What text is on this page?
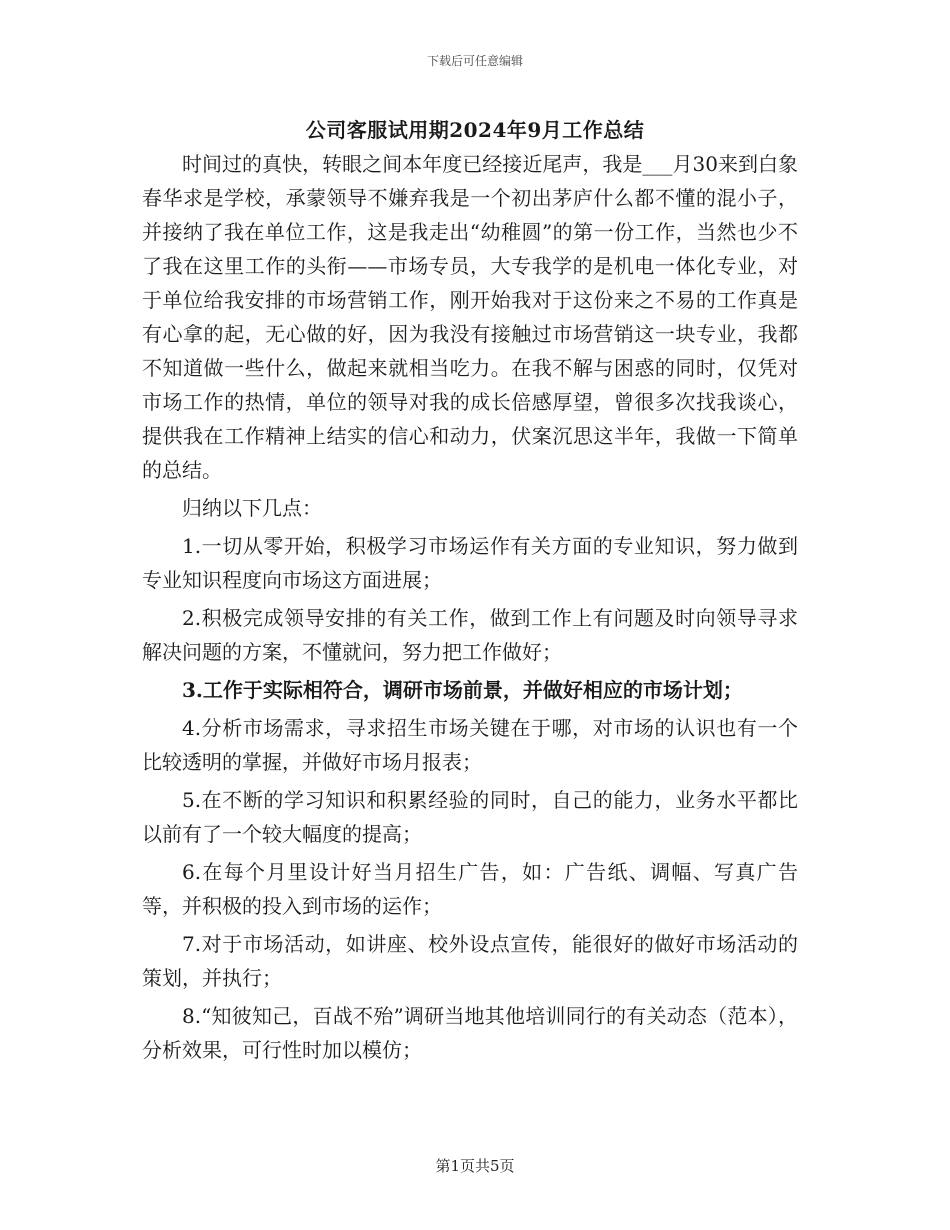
下载后可任意编辑
公司客服试用期2024年9月工作总结

时间过的真快，转眼之间本年度已经接近尾声，我是___月30来到白象春华求是学校，承蒙领导不嫌弃我是一个初出茅庐什么都不懂的混小子，并接纳了我在单位工作，这是我走出“幼稚圆”的第一份工作，当然也少不了我在这里工作的头衔——市场专员，大专我学的是机电一体化专业，对于单位给我安排的市场营销工作，刚开始我对于这份来之不易的工作真是有心拿的起，无心做的好，因为我没有接触过市场营销这一块专业，我都不知道做一些什么，做起来就相当吃力。在我不解与困惑的同时，仅凭对市场工作的热情，单位的领导对我的成长倍感厚望，曾很多次找我谈心，提供我在工作精神上结实的信心和动力，伏案沉思这半年，我做一下简单的总结。

归纳以下几点：

1.一切从零开始，积极学习市场运作有关方面的专业知识，努力做到专业知识程度向市场这方面进展；
2.积极完成领导安排的有关工作，做到工作上有问题及时向领导寻求解决问题的方案，不懂就问，努力把工作做好；
3.工作于实际相符合，调研市场前景，并做好相应的市场计划；
4.分析市场需求，寻求招生市场关键在于哪，对市场的认识也有一个比较透明的掌握，并做好市场月报表；
5.在不断的学习知识和积累经验的同时，自己的能力，业务水平都比以前有了一个较大幅度的提高；
6.在每个月里设计好当月招生广告，如：广告纸、调幅、写真广告等，并积极的投入到市场的运作；
7.对于市场活动，如讲座、校外设点宣传，能很好的做好市场活动的策划，并执行；
8.“知彼知己，百战不殆”调研当地其他培训同行的有关动态（范本），分析效果，可行性时加以模仿；
第1页共5页
